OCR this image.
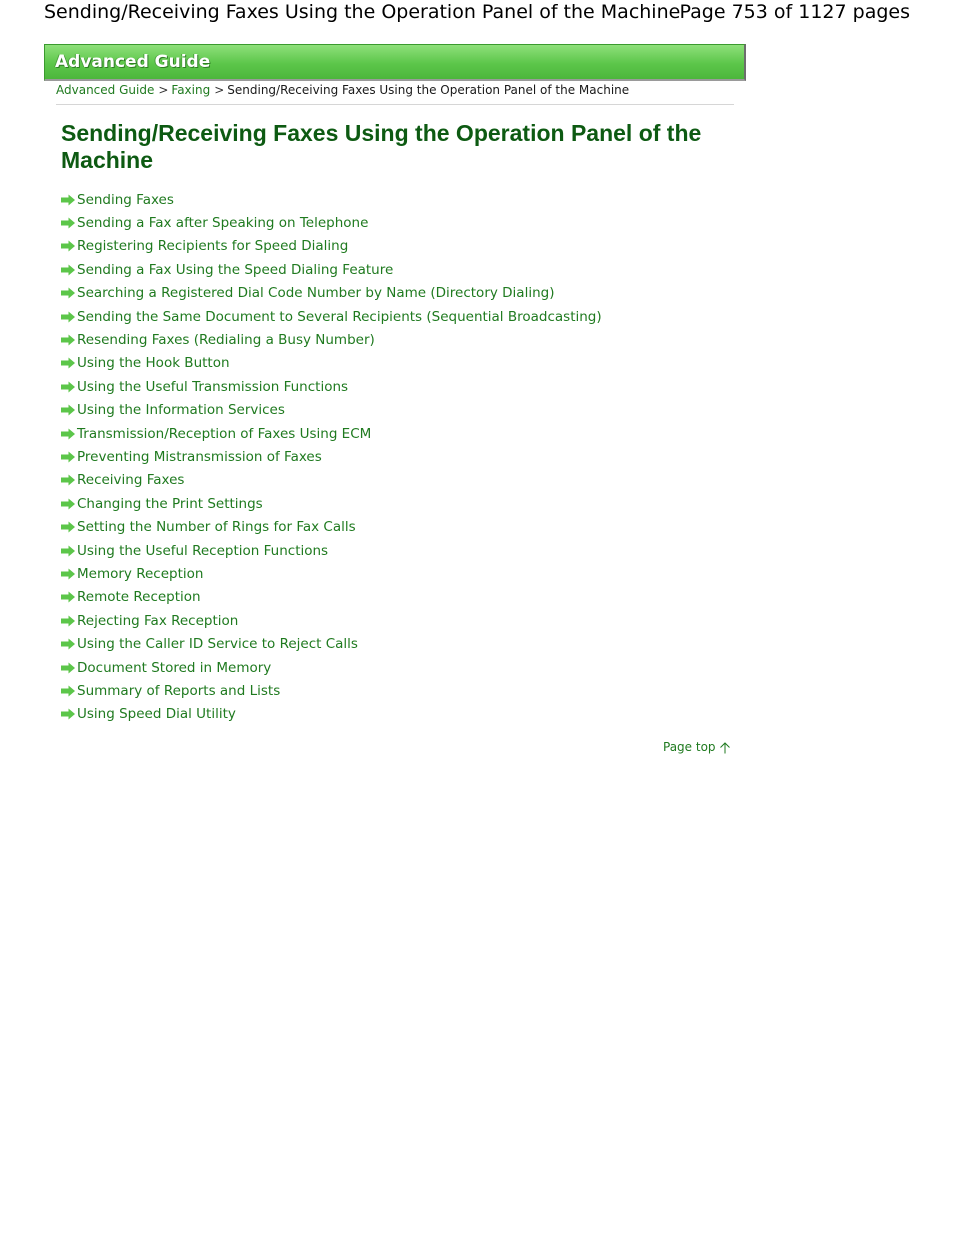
Sending/Receiving Faxes Using the Operation Panel of the Machine Page 753 of 1127 pages
Advanced Guide
Advanced Guide > Faxing > Sending/Receiving Faxes Using the Operation Panel of the Machine
Sending/Receiving Faxes Using the Operation Panel of the Machine
Sending Faxes
Sending a Fax after Speaking on Telephone
Registering Recipients for Speed Dialing
Sending a Fax Using the Speed Dialing Feature
Searching a Registered Dial Code Number by Name (Directory Dialing)
Sending the Same Document to Several Recipients (Sequential Broadcasting)
Resending Faxes (Redialing a Busy Number)
Using the Hook Button
Using the Useful Transmission Functions
Using the Information Services
Transmission/Reception of Faxes Using ECM
Preventing Mistransmission of Faxes
Receiving Faxes
Changing the Print Settings
Setting the Number of Rings for Fax Calls
Using the Useful Reception Functions
Memory Reception
Remote Reception
Rejecting Fax Reception
Using the Caller ID Service to Reject Calls
Document Stored in Memory
Summary of Reports and Lists
Using Speed Dial Utility
Page top
